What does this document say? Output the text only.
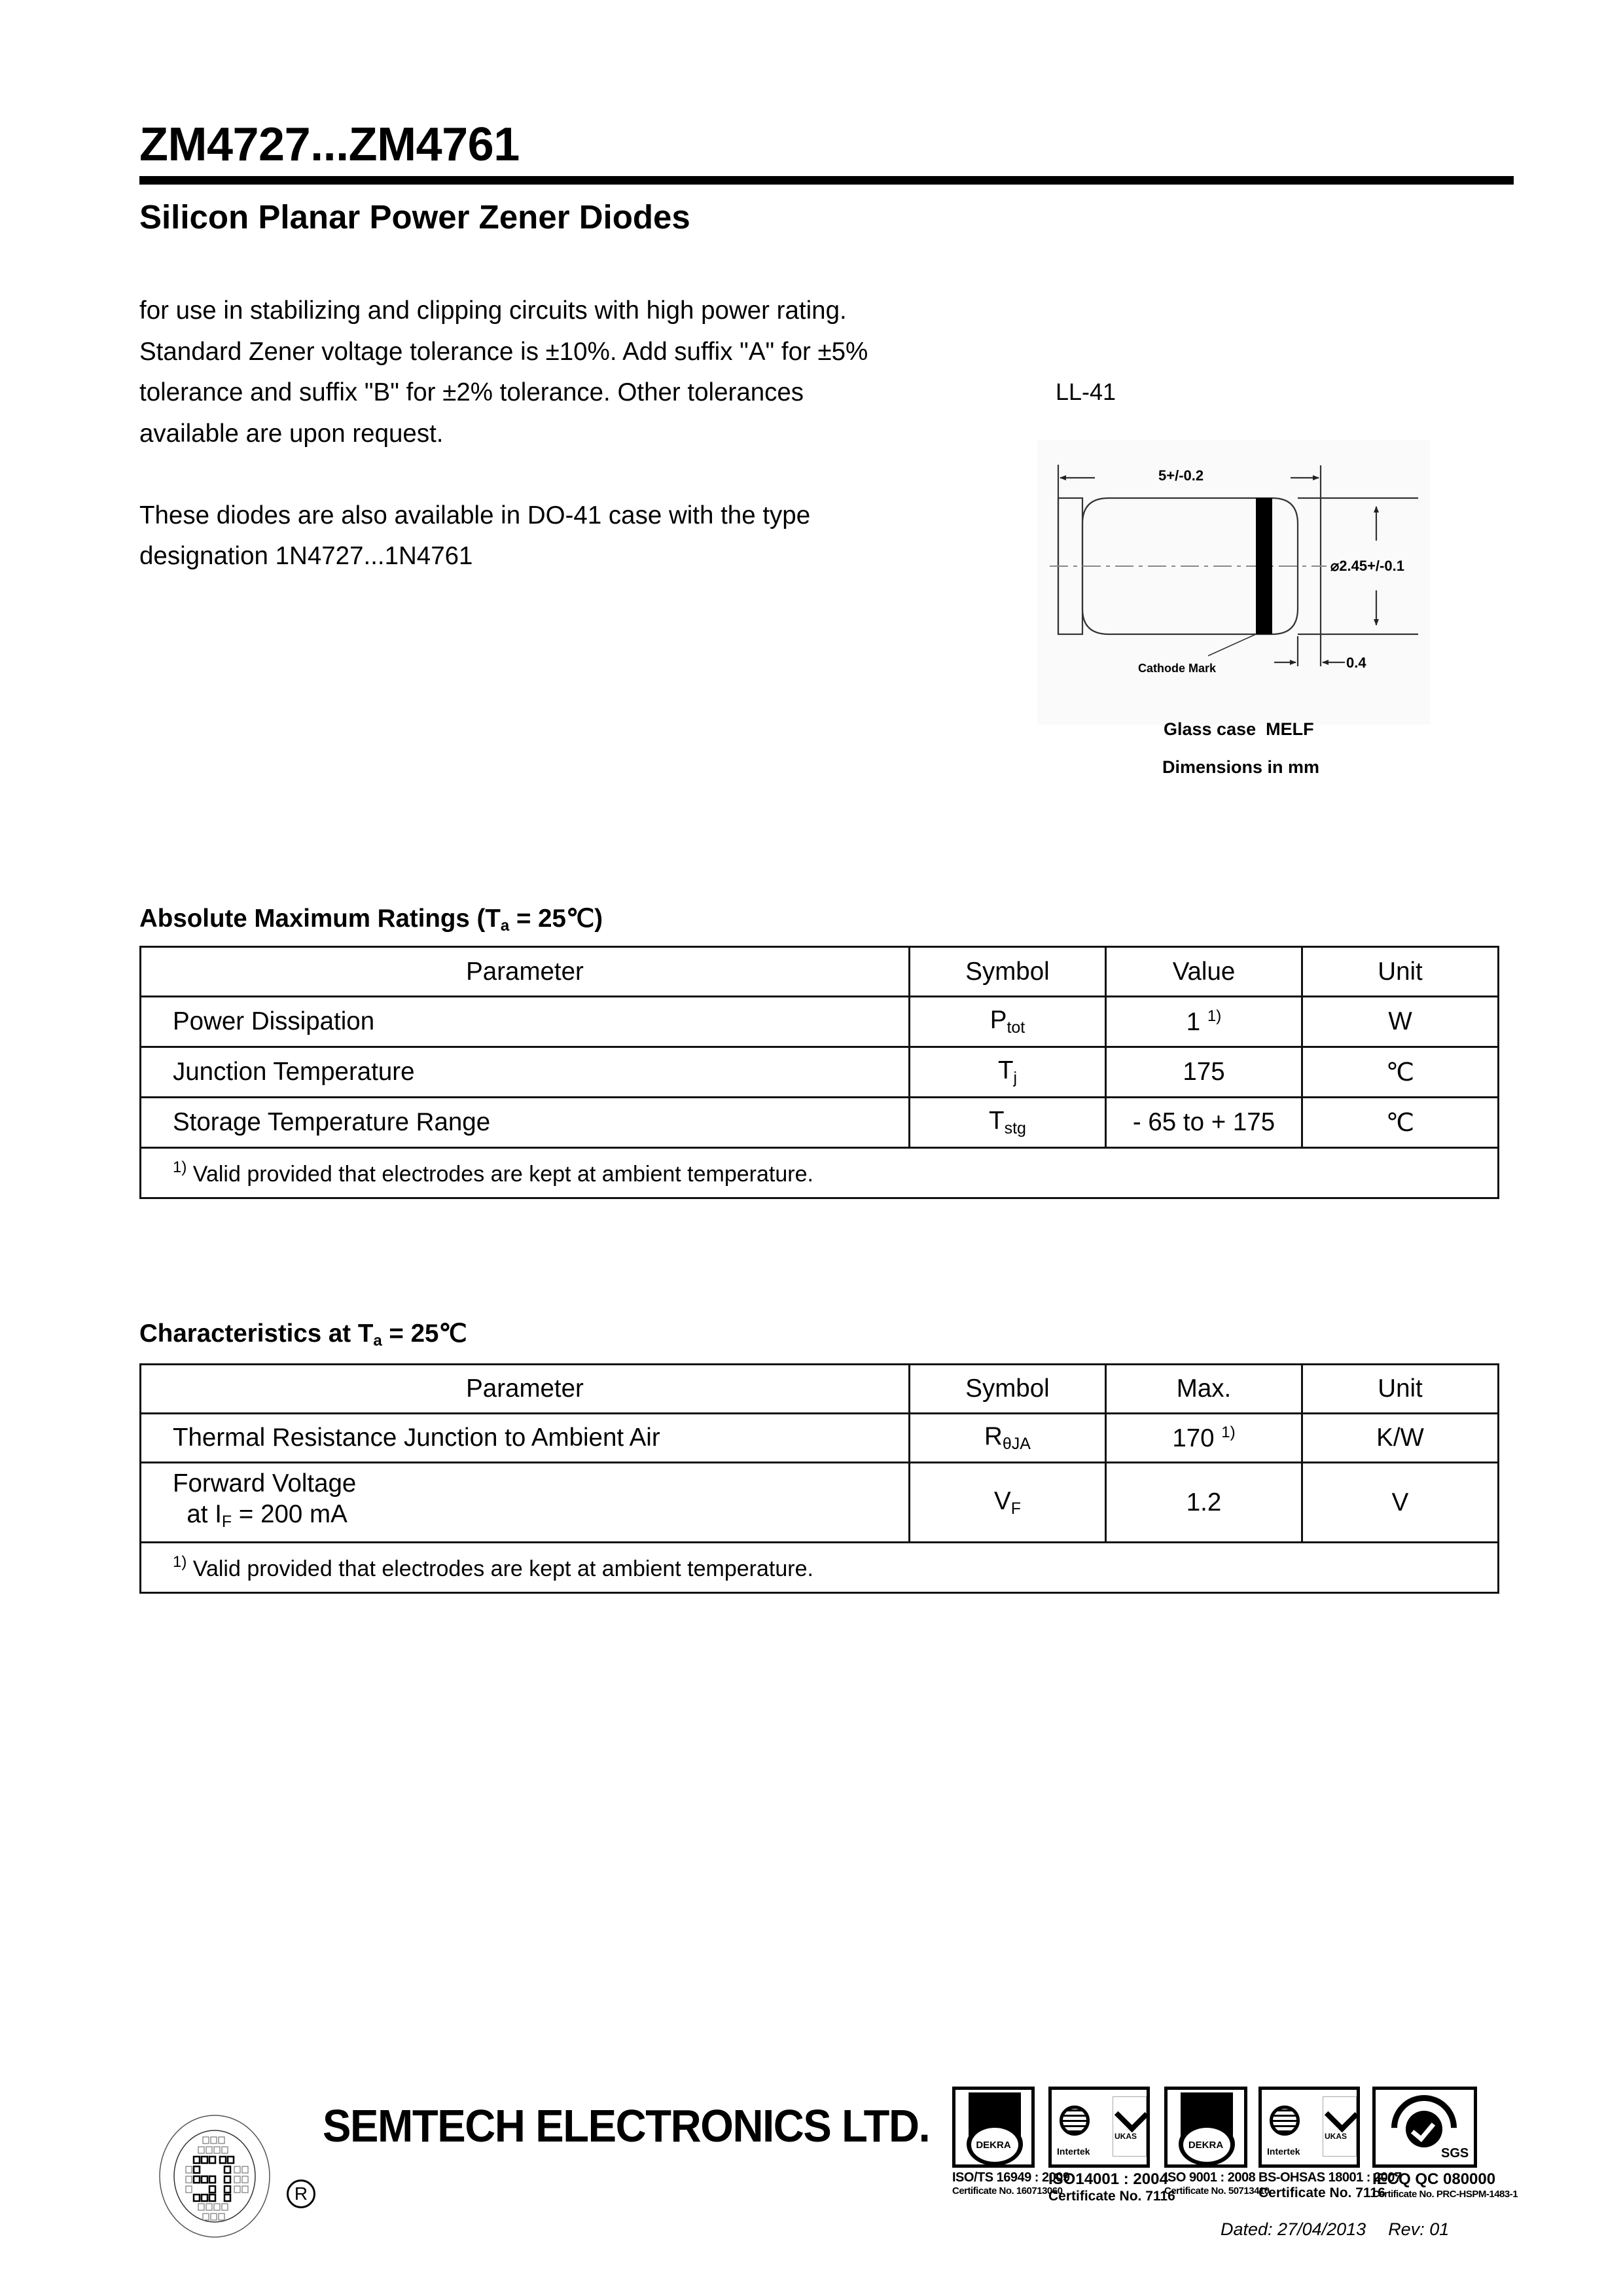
ZM4727...ZM4761
Silicon Planar Power Zener Diodes

for use in stabilizing and clipping circuits with high power rating. Standard Zener voltage tolerance is ±10%. Add suffix "A" for ±5% tolerance and suffix "B" for ±2% tolerance. Other tolerances available are upon request.

These diodes are also available in DO-41 case with the type designation 1N4727...1N4761

LL-41
5+/-0.2
⌀2.45+/-0.1
Cathode Mark	0.4
Glass case  MELF
Dimensions in mm
Absolute Maximum Ratings ($T_a$ = 25℃)
Parameter	Symbol	Value	Unit
Power Dissipation	$P_{tot}$	1 $^{1)}$	W
Junction Temperature	$T_j$	175	℃
Storage Temperature Range	$T_{stg}$	- 65 to + 175	℃
$^{1)}$ Valid provided that electrodes are kept at ambient temperature.			
Characteristics at $T_a$ = 25℃
Parameter	Symbol	Max.	Unit
Thermal Resistance Junction to Ambient Air	$R_{\theta JA}$	170 $^{1)}$	K/W

Forward Voltage
at $I_F = 200$ mA	$V_F$	1.2	V
$^{1)}$ Valid provided that electrodes are kept at ambient temperature.			
R
SEMTECH ELECTRONICS LTD.	DEKRA
ISO/TS 16949 : 2009
Certificate No. 160713060
Intertek
UKAS
ISO14001 : 2004
Certificate No. 7116
DEKRA
ISO 9001 : 2008
Certificate No. 50713410
Intertek
UKAS
BS-OHSAS 18001 : 2007
Certificate No. 7116
SGS
IECQ QC 080000
Certificate No. PRC-HSPM-1483-1
Dated: 27/04/2013 Rev: 01
